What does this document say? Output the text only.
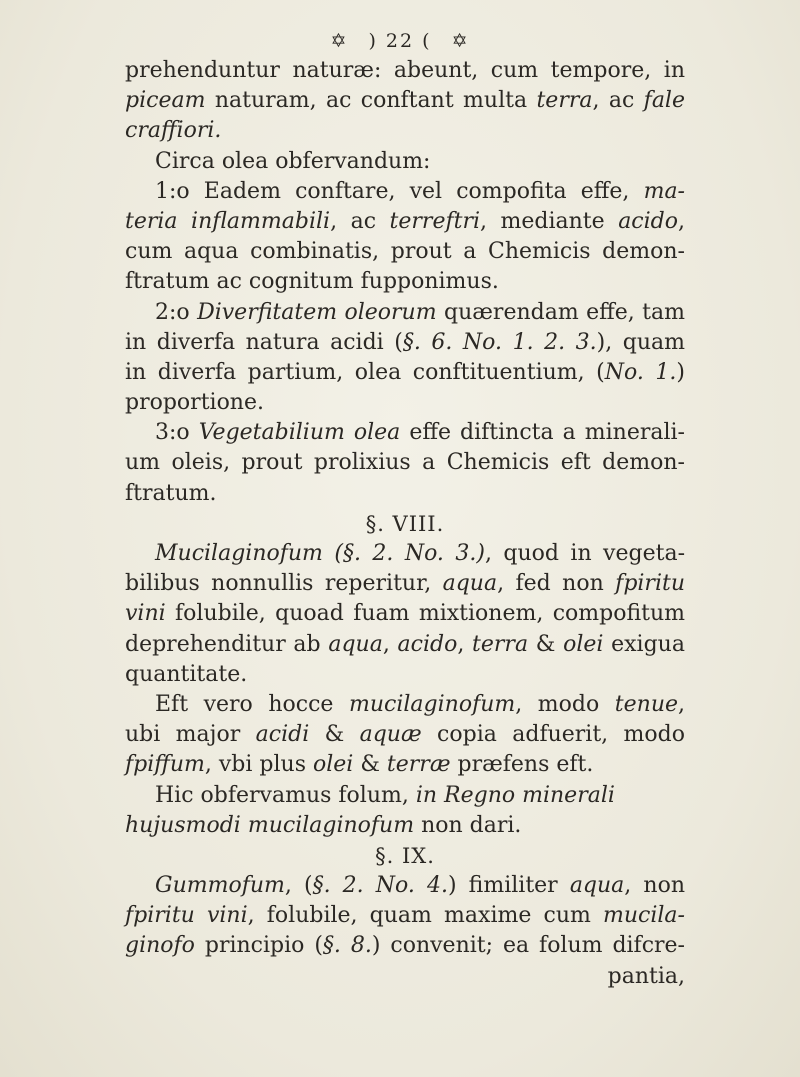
✡ ) 22 ( ✡
prehenduntur naturæ: abeunt, cum tempore, in
piceam naturam, ac conftant multa terra, ac fale
craffiori.
Circa olea obfervandum:
1:o Eadem conftare, vel compofita effe, ma-
teria inflammabili, ac terreftri, mediante acido,
cum aqua combinatis, prout a Chemicis demon-
ftratum ac cognitum fupponimus.
2:o Diverfitatem oleorum quærendam effe, tam
in diverfa natura acidi (§. 6. No. 1. 2. 3.), quam
in diverfa partium, olea conftituentium, (No. 1.)
proportione.
3:o Vegetabilium olea effe diftincta a minerali-
um oleis, prout prolixius a Chemicis eft demon-
ftratum.
§. VIII.
Mucilaginofum (§. 2. No. 3.), quod in vegeta-
bilibus nonnullis reperitur, aqua, fed non fpiritu
vini folubile, quoad fuam mixtionem, compofitum
deprehenditur ab aqua, acido, terra & olei exigua
quantitate.
Eft vero hocce mucilaginofum, modo tenue,
ubi major acidi & aquæ copia adfuerit, modo
fpiffum, vbi plus olei & terræ præfens eft.
Hic obfervamus folum, in Regno minerali
hujusmodi mucilaginofum non dari.
§. IX.
Gummofum, (§. 2. No. 4.) fimiliter aqua, non
fpiritu vini, folubile, quam maxime cum mucila-
ginofo principio (§. 8.) convenit; ea folum difcre-
pantia,
